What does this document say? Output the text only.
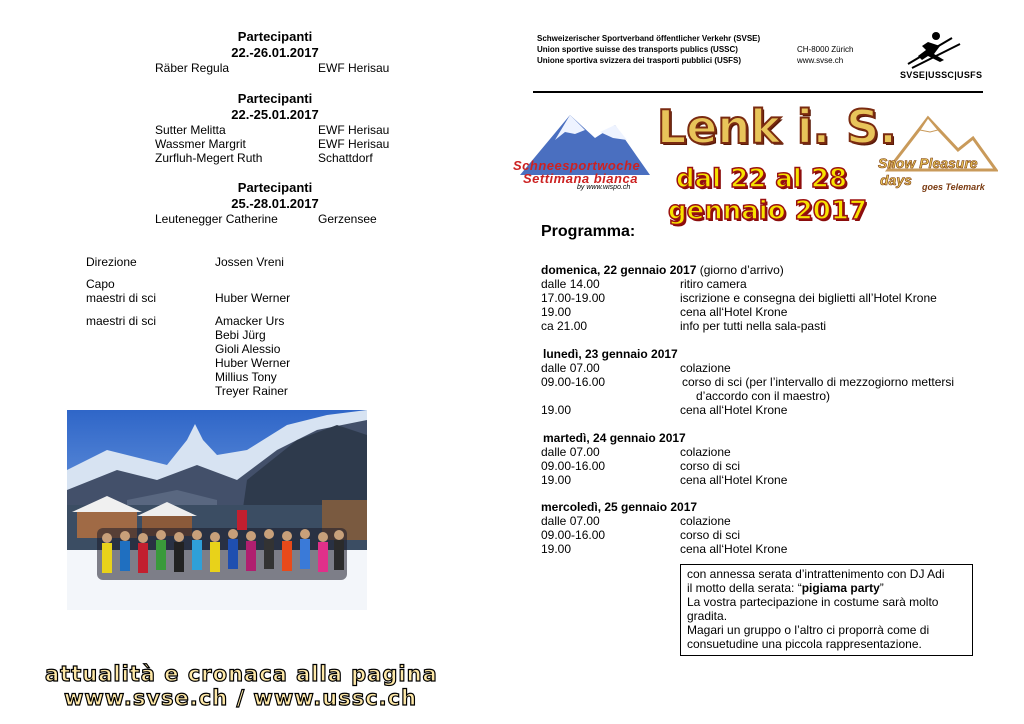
Partecipanti
22.-26.01.2017
Räber Regula	EWF Herisau
Partecipanti
22.-25.01.2017
Sutter Melitta	EWF Herisau
Wassmer Margrit	EWF Herisau
Zurfluh-Megert Ruth	Schattdorf
Partecipanti
25.-28.01.2017
Leutenegger Catherine	Gerzensee
Direzione	Jossen Vreni
Capo
maestri di sci	Huber Werner
maestri di sci	Amacker Urs
Bebi Jürg
Gioli Alessio
Huber Werner
Millius Tony
Treyer Rainer
attualità e cronaca alla pagina
www.svse.ch / www.ussc.ch
Schweizerischer Sportverband öffentlicher Verkehr (SVSE)
Union sportive suisse des transports publics (USSC)
Unione sportiva svizzera dei trasporti pubblici (USFS)
CH-8000 Zürich
www.svse.ch
SVSE|USSC|USFS
Schneesportwoche
Settimana bianca
by www.wispo.ch
Snow Pleasure
days goes Telemark
Lenk i. S.
dal 22 al 28
gennaio 2017
Programma:
domenica, 22 gennaio 2017 (giorno d’arrivo)
dalle 14.00	ritiro camera
17.00-19.00	iscrizione e consegna dei biglietti all’Hotel Krone
19.00	cena all‘Hotel Krone
ca 21.00	info per tutti nella sala-pasti
lunedì, 23 gennaio 2017
dalle 07.00	colazione
09.00-16.00	corso di sci (per l’intervallo di mezzogiorno mettersi
d’accordo con il maestro)
19.00	cena all‘Hotel Krone
martedì, 24 gennaio 2017
dalle 07.00	colazione
09.00-16.00	corso di sci
19.00	cena all‘Hotel Krone
mercoledì, 25 gennaio 2017
dalle 07.00	colazione
09.00-16.00	corso di sci
19.00	cena all‘Hotel Krone
con annessa serata d’intrattenimento con DJ Adi
il motto della serata: “pigiama party”
La vostra partecipazione in costume sarà molto
gradita.
Magari un gruppo o l’altro ci proporrà come di
consuetudine una piccola rappresentazione.
